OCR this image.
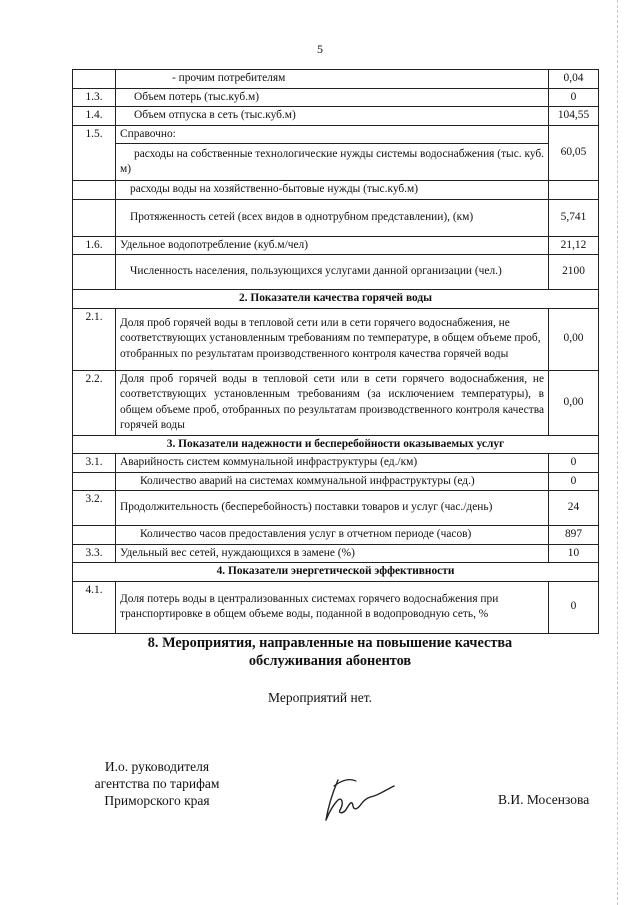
5
	- прочим потребителям	0,04
1.3.	Объем потерь (тыс.куб.м)	0
1.4.	Объем отпуска в сеть (тыс.куб.м)	104,55
1.5.	Справочно:	60,05

	расходы на собственные технологические нужды системы водоснабжения (тыс. куб. м)	

	расходы воды на хозяйственно-бытовые нужды (тыс.куб.м)	

	Протяженность сетей (всех видов в однотрубном представлении), (км)	5,741
1.6.	Удельное водопотребление (куб.м/чел)	21,12

	Численность населения, пользующихся услугами данной организации (чел.)	2100
2. Показатели качества горячей воды		
2.1.	Доля проб горячей воды в тепловой сети или в сети горячего водоснабжения, не соответствующих установленным требованиям по температуре, в общем объеме проб, отобранных по результатам производственного контроля качества горячей воды	0,00
2.2.	Доля проб горячей воды в тепловой сети или в сети горячего водоснабжения, не соответствующих установленным требованиям (за исключением температуры), в общем объеме проб, отобранных по результатам производственного контроля качества горячей воды	0,00
3. Показатели надежности и бесперебойности оказываемых услуг		
3.1.	Аварийность систем коммунальной инфраструктуры (ед./км)	0
	Количество аварий на системах коммунальной инфраструктуры (ед.)	0
3.2.	Продолжительность (бесперебойность) поставки товаров и услуг (час./день)	24
	Количество часов предоставления услуг в отчетном периоде (часов)	897
3.3.	Удельный вес сетей, нуждающихся в замене (%)	10
4. Показатели энергетической эффективности		
4.1.	Доля потерь воды в централизованных системах горячего водоснабжения при транспортировке в общем объеме воды, поданной в водопроводную сеть, %	0
8. Мероприятия, направленные на повышение качества обслуживания абонентов
Мероприятий нет.
И.о. руководителя
агентства по тарифам
Приморского края	В.И. Мосензова
